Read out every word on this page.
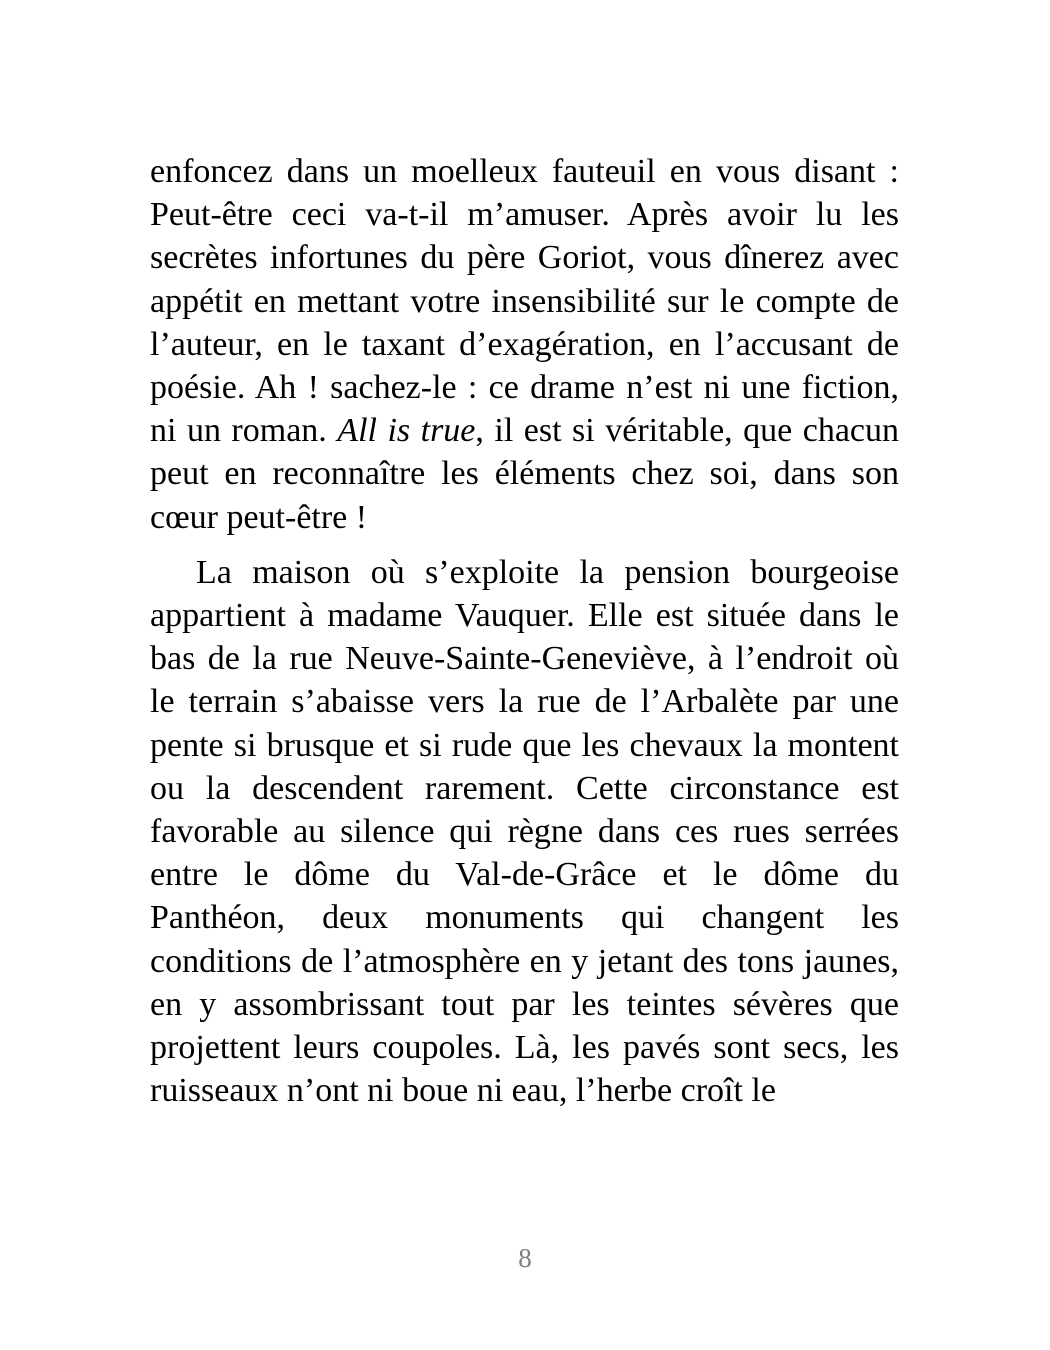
enfoncez dans un moelleux fauteuil en vous disant : Peut-être ceci va-t-il m’amuser. Après avoir lu les secrètes infortunes du père Goriot, vous dînerez avec appétit en mettant votre insensibilité sur le compte de l’auteur, en le taxant d’exagération, en l’accusant de poésie. Ah ! sachez-le : ce drame n’est ni une fiction, ni un roman. All is true, il est si véritable, que chacun peut en reconnaître les éléments chez soi, dans son cœur peut-être !

La maison où s’exploite la pension bourgeoise appartient à madame Vauquer. Elle est située dans le bas de la rue Neuve-Sainte-Geneviève, à l’endroit où le terrain s’abaisse vers la rue de l’Arbalète par une pente si brusque et si rude que les chevaux la montent ou la descendent rarement. Cette circonstance est favorable au silence qui règne dans ces rues serrées entre le dôme du Val-de-Grâce et le dôme du Panthéon, deux monuments qui changent les conditions de l’atmosphère en y jetant des tons jaunes, en y assombrissant tout par les teintes sévères que projettent leurs coupoles. Là, les pavés sont secs, les ruisseaux n’ont ni boue ni eau, l’herbe croît le

8
